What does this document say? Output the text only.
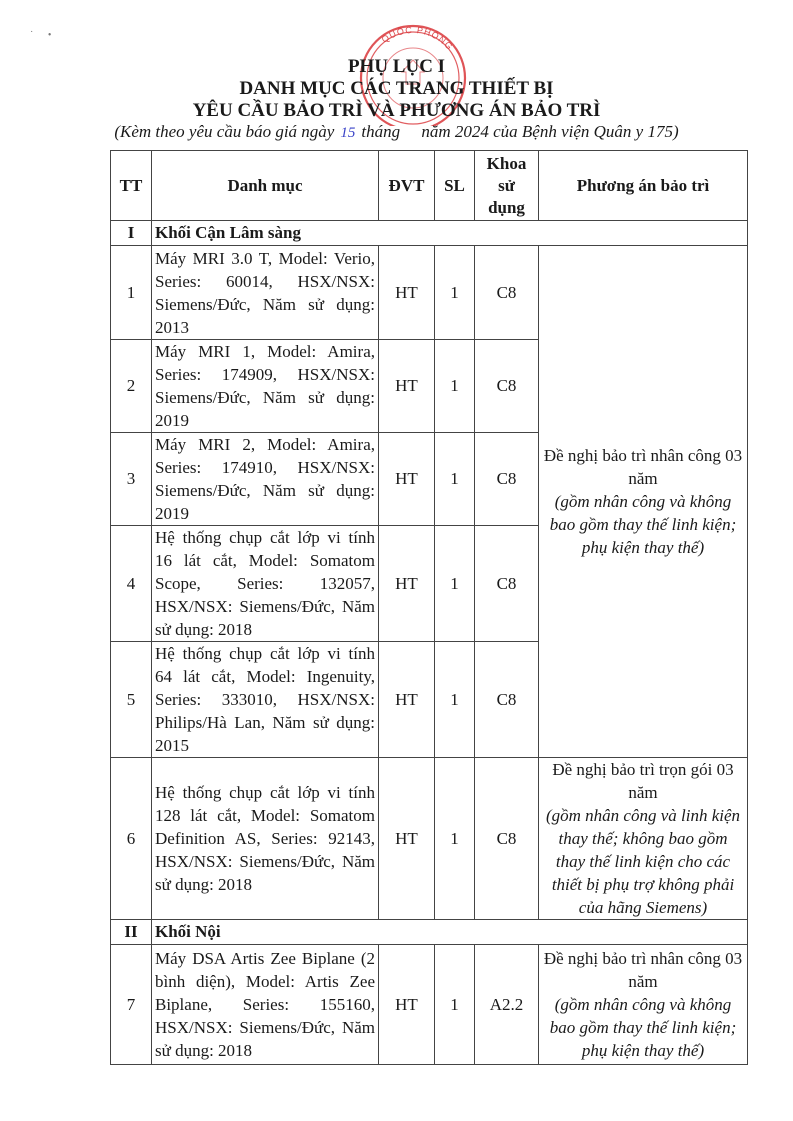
˙ •	QUỐC PHÒNG
PHỤ LỤC I
DANH MỤC CÁC TRANG THIẾT BỊ
YÊU CẦU BẢO TRÌ VÀ PHƯƠNG ÁN BẢO TRÌ
(Kèm theo yêu cầu báo giá ngày 15 tháng năm 2024 của Bệnh viện Quân y 175)
TT	Danh mục	ĐVT	SL	Khoa
sử
dụng	Phương án bảo trì
I	Khối Cận Lâm sàng				
1	Máy MRI 3.0 T, Model: Verio, Series: 60014, HSX/NSX: Siemens/Đức, Năm sử dụng: 2013	HT	1	C8	Đề nghị bảo trì nhân công 03 năm
(gồm nhân công và không bao gồm thay thế linh kiện; phụ kiện thay thế)

2	Máy MRI 1, Model: Amira, Series: 174909, HSX/NSX: Siemens/Đức, Năm sử dụng: 2019	HT	1	C8	
3	Máy MRI 2, Model: Amira, Series: 174910, HSX/NSX: Siemens/Đức, Năm sử dụng: 2019	HT	1	C8	
4	Hệ thống chụp cắt lớp vi tính 16 lát cắt, Model: Somatom Scope, Series: 132057, HSX/NSX: Siemens/Đức, Năm sử dụng: 2018	HT	1	C8	
5	Hệ thống chụp cắt lớp vi tính 64 lát cắt, Model: Ingenuity, Series: 333010, HSX/NSX: Philips/Hà Lan, Năm sử dụng: 2015	HT	1	C8	
6	Hệ thống chụp cắt lớp vi tính 128 lát cắt, Model: Somatom Definition AS, Series: 92143, HSX/NSX: Siemens/Đức, Năm sử dụng: 2018	HT	1	C8	Đề nghị bảo trì trọn gói 03 năm
(gồm nhân công và linh kiện thay thế; không bao gồm thay thế linh kiện cho các thiết bị phụ trợ không phải của hãng Siemens)

II	Khối Nội				
7	Máy DSA Artis Zee Biplane (2 bình diện), Model: Artis Zee Biplane, Series: 155160, HSX/NSX: Siemens/Đức, Năm sử dụng: 2018	HT	1	A2.2	Đề nghị bảo trì nhân công 03 năm
(gồm nhân công và không bao gồm thay thế linh kiện; phụ kiện thay thế)
